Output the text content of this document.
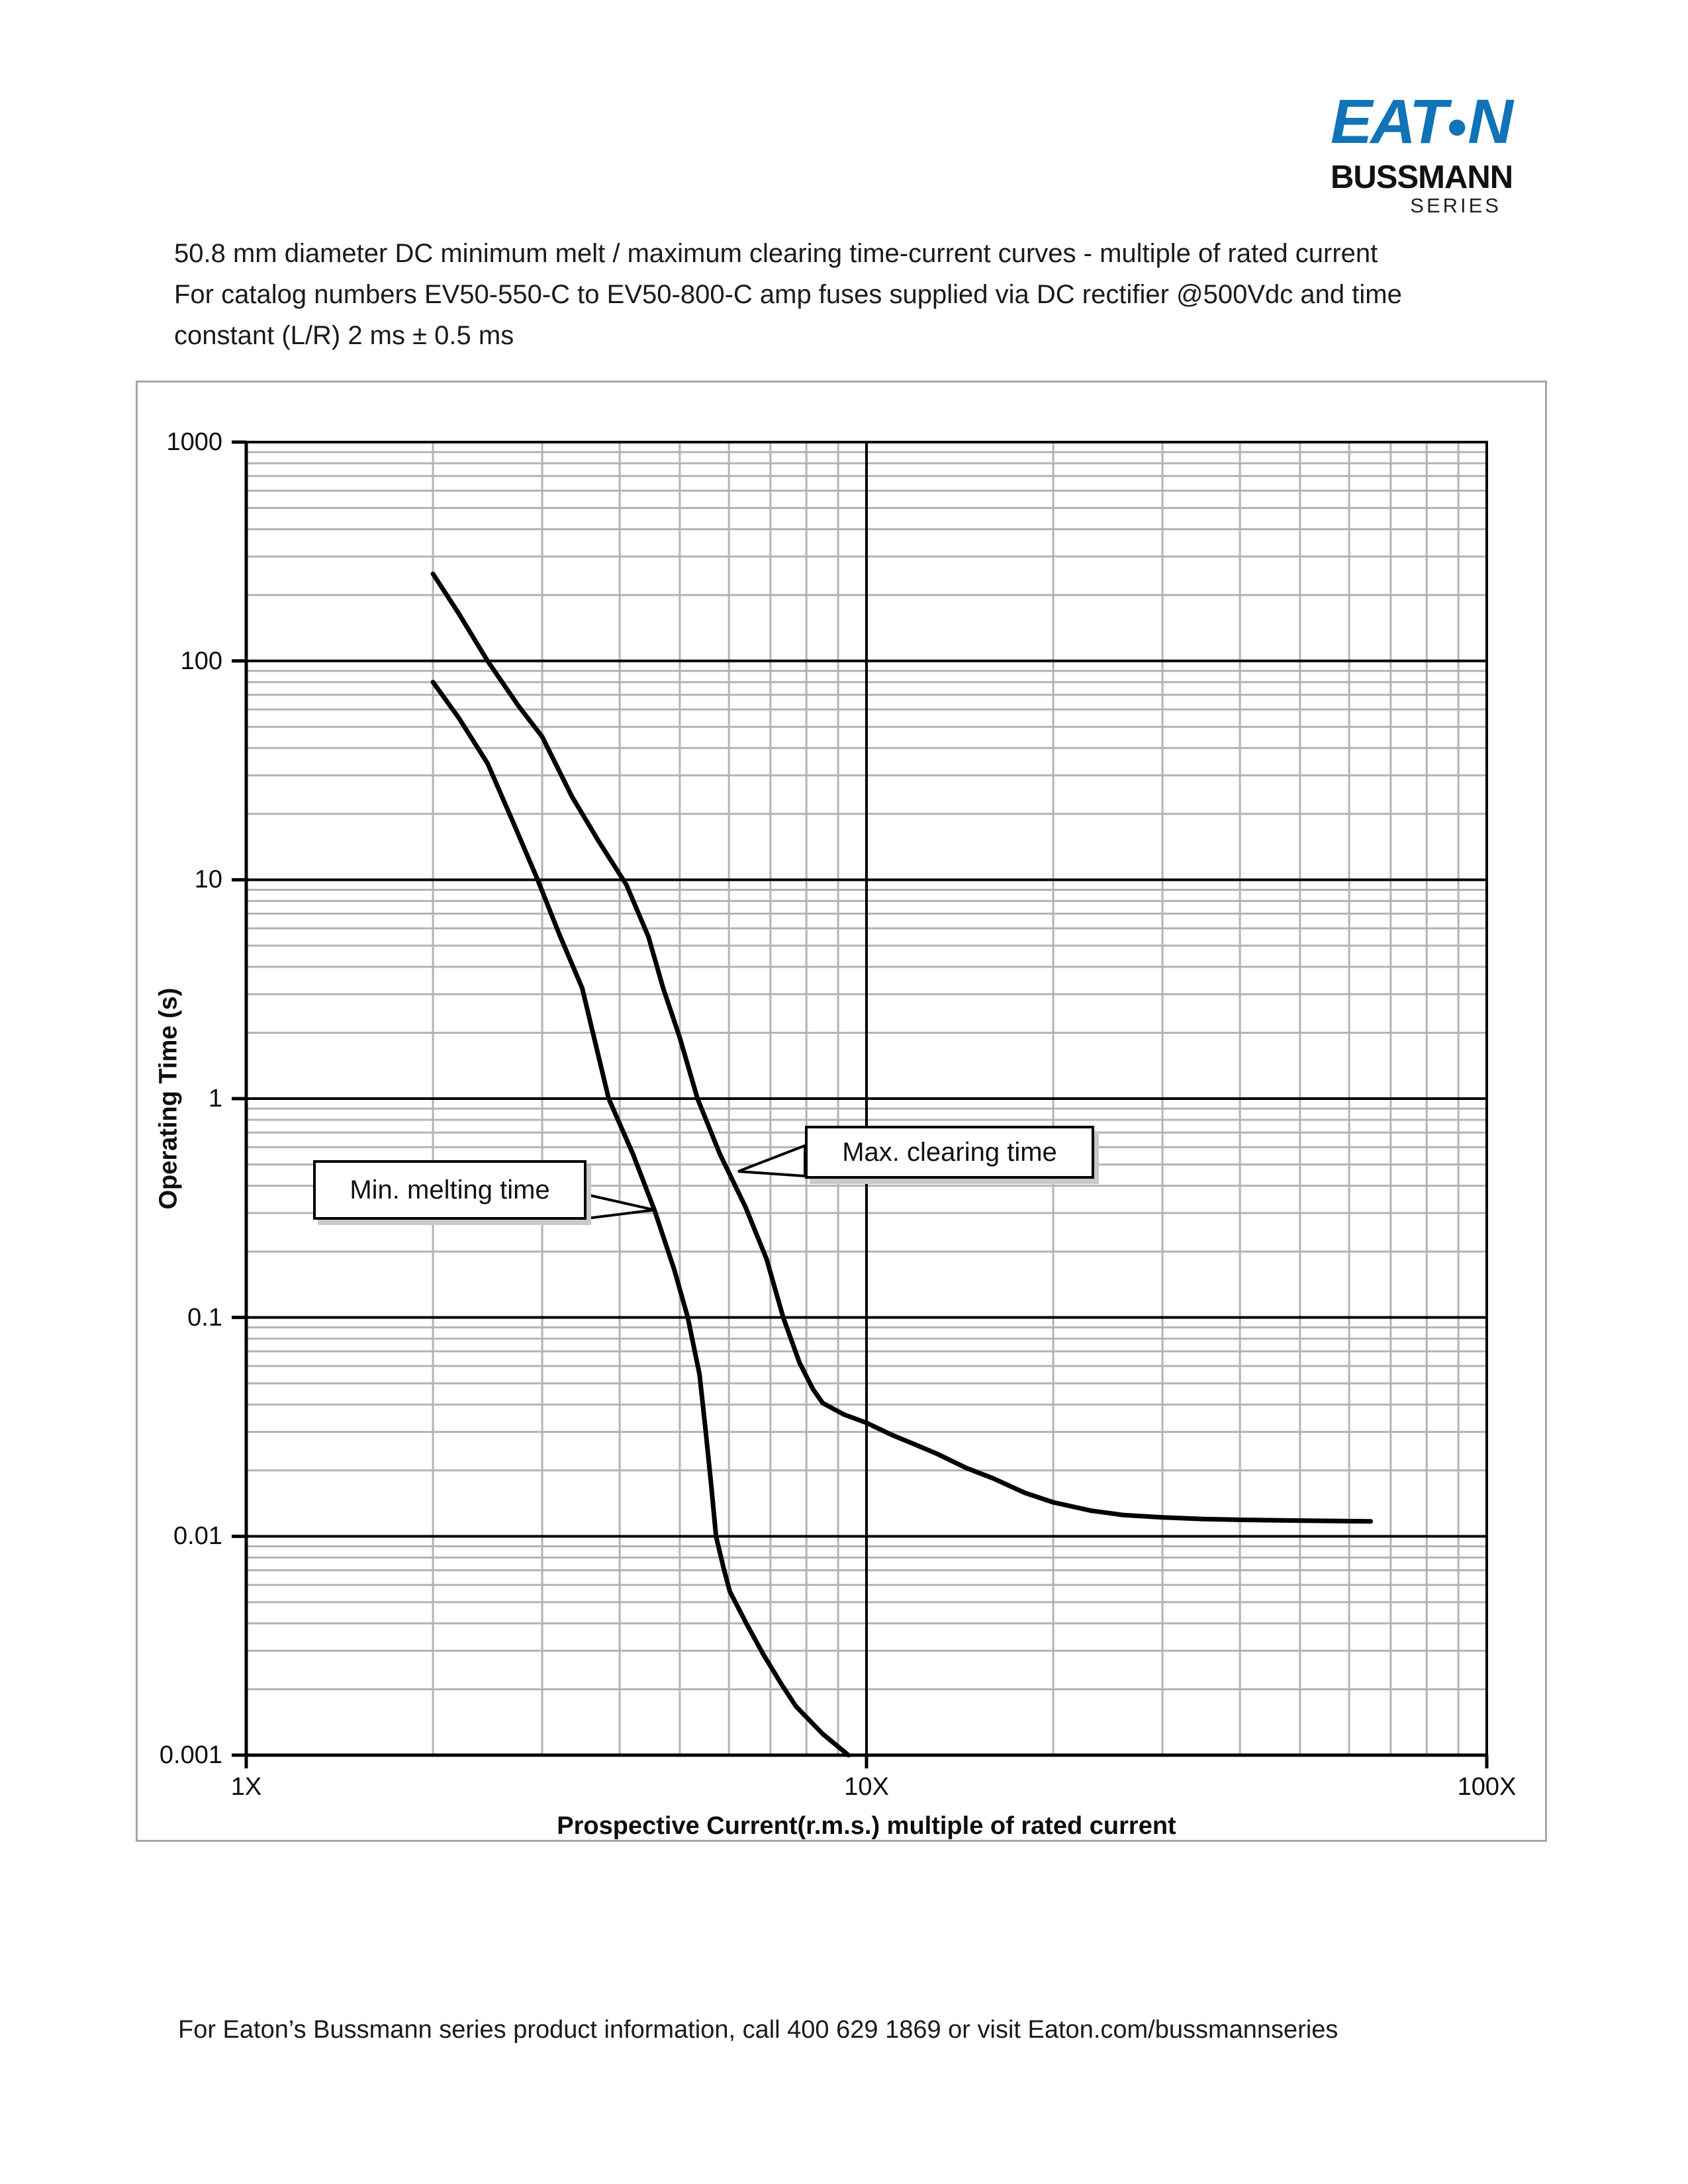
EAT●N
BUSSMANN
SERIES
50.8 mm diameter DC minimum melt / maximum clearing time-current curves - multiple of rated current
For catalog numbers EV50-550-C to EV50-800-C amp fuses supplied via DC rectifier @500Vdc and time
constant (L/R) 2 ms ± 0.5 ms
1000
100
10
1
0.1
0.01
0.001
1X	10X	100X
Operating Time (s)
Prospective Current(r.m.s.) multiple of rated current
Min. melting time
Max. clearing time
For Eaton’s Bussmann series product information, call 400 629 1869 or visit Eaton.com/bussmannseries
